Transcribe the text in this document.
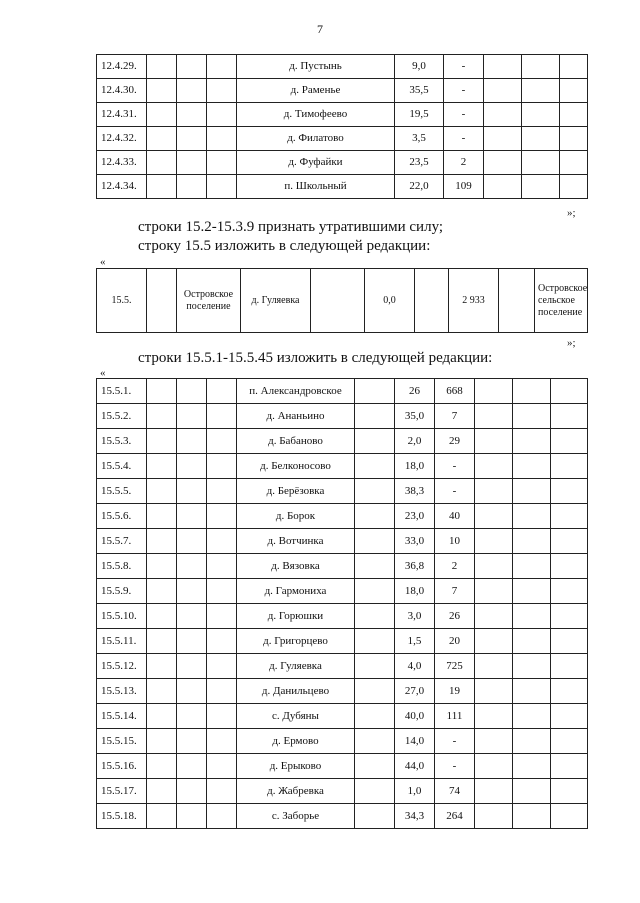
7
12.4.29.				д. Пустынь	9,0	-			
12.4.30.				д. Раменье	35,5	-			
12.4.31.				д. Тимофеево	19,5	-			
12.4.32.				д. Филатово	3,5	-			
12.4.33.				д. Фуфайки	23,5	2			
12.4.34.				п. Школьный	22,0	109			
»;
строки 15.2-15.3.9 признать утратившими силу;
строку 15.5 изложить в следующей редакции:
«
15.5.		Островское поселение	д. Гуляевка		0,0		2 933		Островское сельское поселение
»;
строки 15.5.1-15.5.45 изложить в следующей редакции:
«
15.5.1.				п. Александровское		26	668			
15.5.2.				д. Ананьино		35,0	7			
15.5.3.				д. Бабаново		2,0	29			
15.5.4.				д. Белконосово		18,0	-			
15.5.5.				д. Берёзовка		38,3	-			
15.5.6.				д. Борок		23,0	40			
15.5.7.				д. Вотчинка		33,0	10			
15.5.8.				д. Вязовка		36,8	2			
15.5.9.				д. Гармониха		18,0	7			
15.5.10.				д. Горюшки		3,0	26			
15.5.11.				д. Григорцево		1,5	20			
15.5.12.				д. Гуляевка		4,0	725			
15.5.13.				д. Данильцево		27,0	19			
15.5.14.				с. Дубяны		40,0	111			
15.5.15.				д. Ермово		14,0	-			
15.5.16.				д. Ерыково		44,0	-			
15.5.17.				д. Жабревка		1,0	74			
15.5.18.				с. Заборье		34,3	264			
